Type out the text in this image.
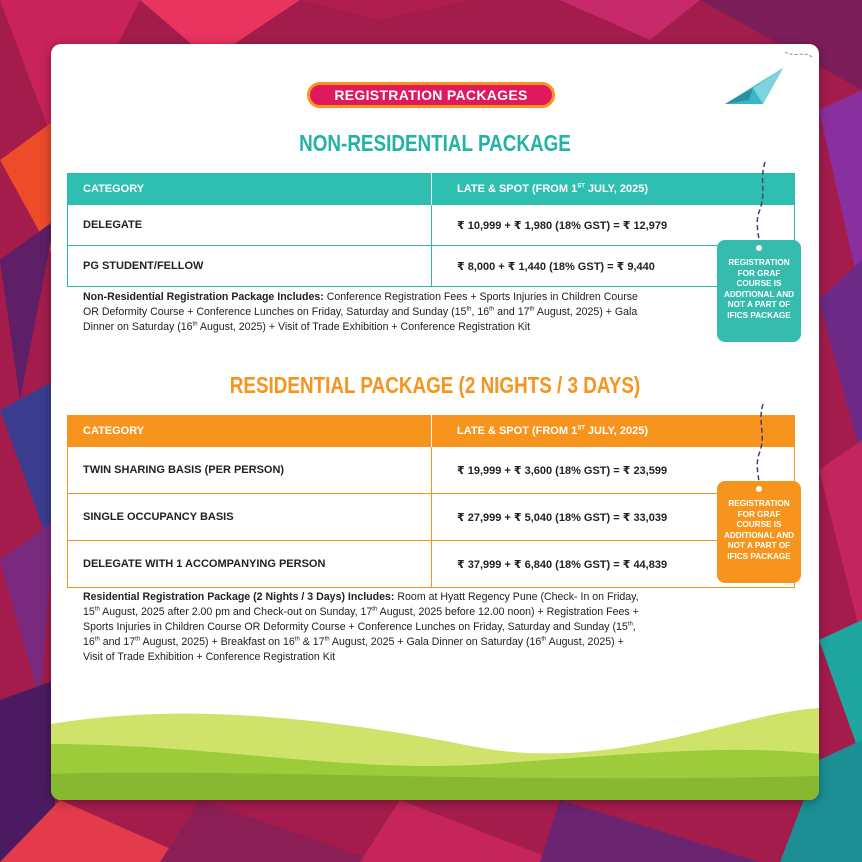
REGISTRATION PACKAGES
NON-RESIDENTIAL PACKAGE
CATEGORY	LATE & SPOT (FROM 1ST JULY, 2025)
DELEGATE	₹ 10,999 + ₹ 1,980 (18% GST) = ₹ 12,979
PG STUDENT/FELLOW	₹ 8,000 + ₹ 1,440 (18% GST) = ₹ 9,440
Non-Residential Registration Package Includes: Conference Registration Fees + Sports Injuries in Children Course OR Deformity Course + Conference Lunches on Friday, Saturday and Sunday (15th, 16th and 17th August, 2025) + Gala Dinner on Saturday (16th August, 2025) + Visit of Trade Exhibition + Conference Registration Kit
REGISTRATION FOR GRAF COURSE IS ADDITIONAL AND NOT A PART OF IFICS PACKAGE
RESIDENTIAL PACKAGE (2 NIGHTS / 3 DAYS)
CATEGORY	LATE & SPOT (FROM 1ST JULY, 2025)
TWIN SHARING BASIS (PER PERSON)	₹ 19,999 + ₹ 3,600 (18% GST) = ₹ 23,599
SINGLE OCCUPANCY BASIS	₹ 27,999 + ₹ 5,040 (18% GST) = ₹ 33,039
DELEGATE WITH 1 ACCOMPANYING PERSON	₹ 37,999 + ₹ 6,840 (18% GST) = ₹ 44,839
REGISTRATION FOR GRAF COURSE IS ADDITIONAL AND NOT A PART OF IFICS PACKAGE
Residential Registration Package (2 Nights / 3 Days) Includes: Room at Hyatt Regency Pune (Check- In on Friday, 15th August, 2025 after 2.00 pm and Check-out on Sunday, 17th August, 2025 before 12.00 noon) + Registration Fees + Sports Injuries in Children Course OR Deformity Course + Conference Lunches on Friday, Saturday and Sunday (15th, 16th and 17th August, 2025) + Breakfast on 16th & 17th August, 2025 + Gala Dinner on Saturday (16th August, 2025) + Visit of Trade Exhibition + Conference Registration Kit
